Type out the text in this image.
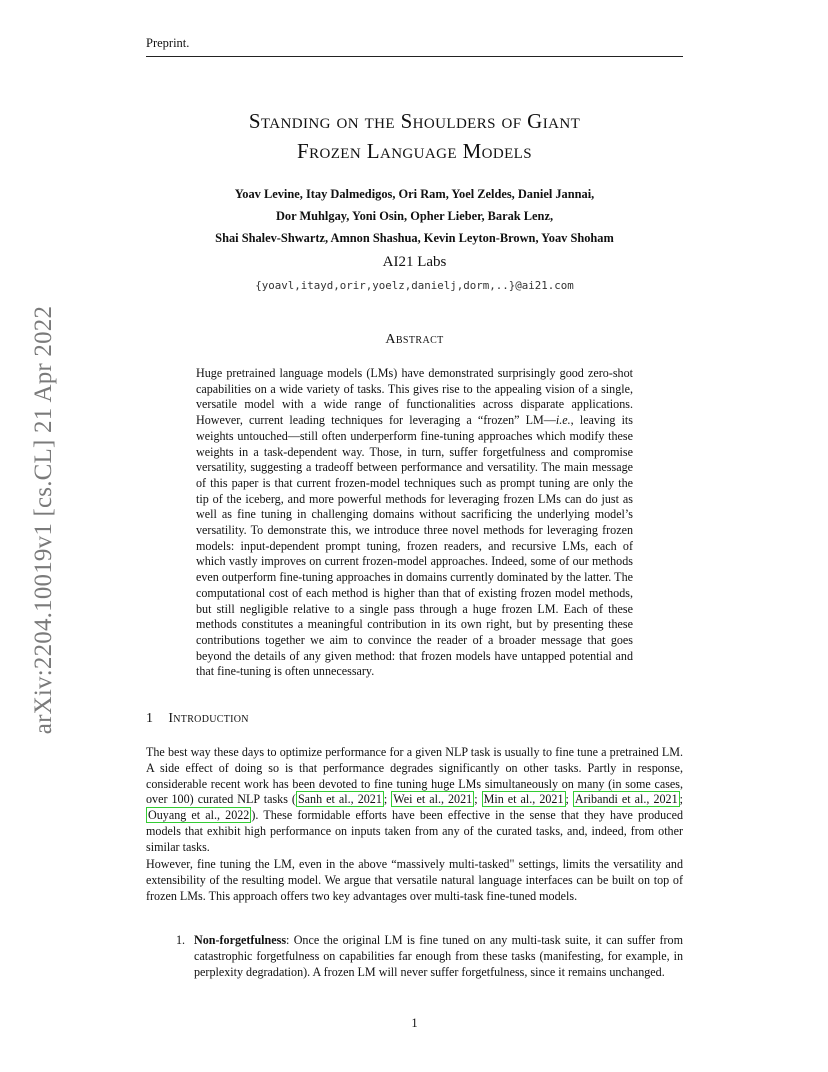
Preprint.
arXiv:2204.10019v1 [cs.CL] 21 Apr 2022
Standing on the Shoulders of Giant
Frozen Language Models
Yoav Levine, Itay Dalmedigos, Ori Ram, Yoel Zeldes, Daniel Jannai,
Dor Muhlgay, Yoni Osin, Opher Lieber, Barak Lenz,
Shai Shalev-Shwartz, Amnon Shashua, Kevin Leyton-Brown, Yoav Shoham
AI21 Labs
{yoavl,itayd,orir,yoelz,danielj,dorm,..}@ai21.com
Abstract

Huge pretrained language models (LMs) have demonstrated surprisingly good zero-shot capabilities on a wide variety of tasks. This gives rise to the appealing vision of a single, versatile model with a wide range of functionalities across disparate applications. However, current leading techniques for leveraging a “frozen” LM—i.e., leaving its weights untouched—still often underperform fine-tuning approaches which modify these weights in a task-dependent way. Those, in turn, suffer forgetfulness and compromise versatility, suggesting a tradeoff between performance and versatility. The main message of this paper is that current frozen-model techniques such as prompt tuning are only the tip of the iceberg, and more powerful methods for leveraging frozen LMs can do just as well as fine tuning in challenging domains without sacrificing the underlying model’s versatility. To demonstrate this, we introduce three novel methods for leveraging frozen models: input-dependent prompt tuning, frozen readers, and recursive LMs, each of which vastly improves on current frozen-model approaches. Indeed, some of our methods even outperform fine-tuning approaches in domains currently dominated by the latter. The computational cost of each method is higher than that of existing frozen model methods, but still negligible relative to a single pass through a huge frozen LM. Each of these methods constitutes a meaningful contribution in its own right, but by presenting these contributions together we aim to convince the reader of a broader message that goes beyond the details of any given method: that frozen models have untapped potential and that fine-tuning is often unnecessary.

1 Introduction

The best way these days to optimize performance for a given NLP task is usually to fine tune a pretrained LM. A side effect of doing so is that performance degrades significantly on other tasks. Partly in response, considerable recent work has been devoted to fine tuning huge LMs simultaneously on many (in some cases, over 100) curated NLP tasks ( Sanh et al., 2021 ; Wei et al., 2021 ; Min et al., 2021 ; Aribandi et al., 2021 ; Ouyang et al., 2022 ). These formidable efforts have been effective in the sense that they have produced models that exhibit high performance on inputs taken from any of the curated tasks, and, indeed, from other similar tasks.

However, fine tuning the LM, even in the above “massively multi-tasked" settings, limits the versatility and extensibility of the resulting model. We argue that versatile natural language interfaces can be built on top of frozen LMs. This approach offers two key advantages over multi-task fine-tuned models.

1. Non-forgetfulness: Once the original LM is fine tuned on any multi-task suite, it can suffer from catastrophic forgetfulness on capabilities far enough from these tasks (manifesting, for example, in perplexity degradation). A frozen LM will never suffer forgetfulness, since it remains unchanged.
1
